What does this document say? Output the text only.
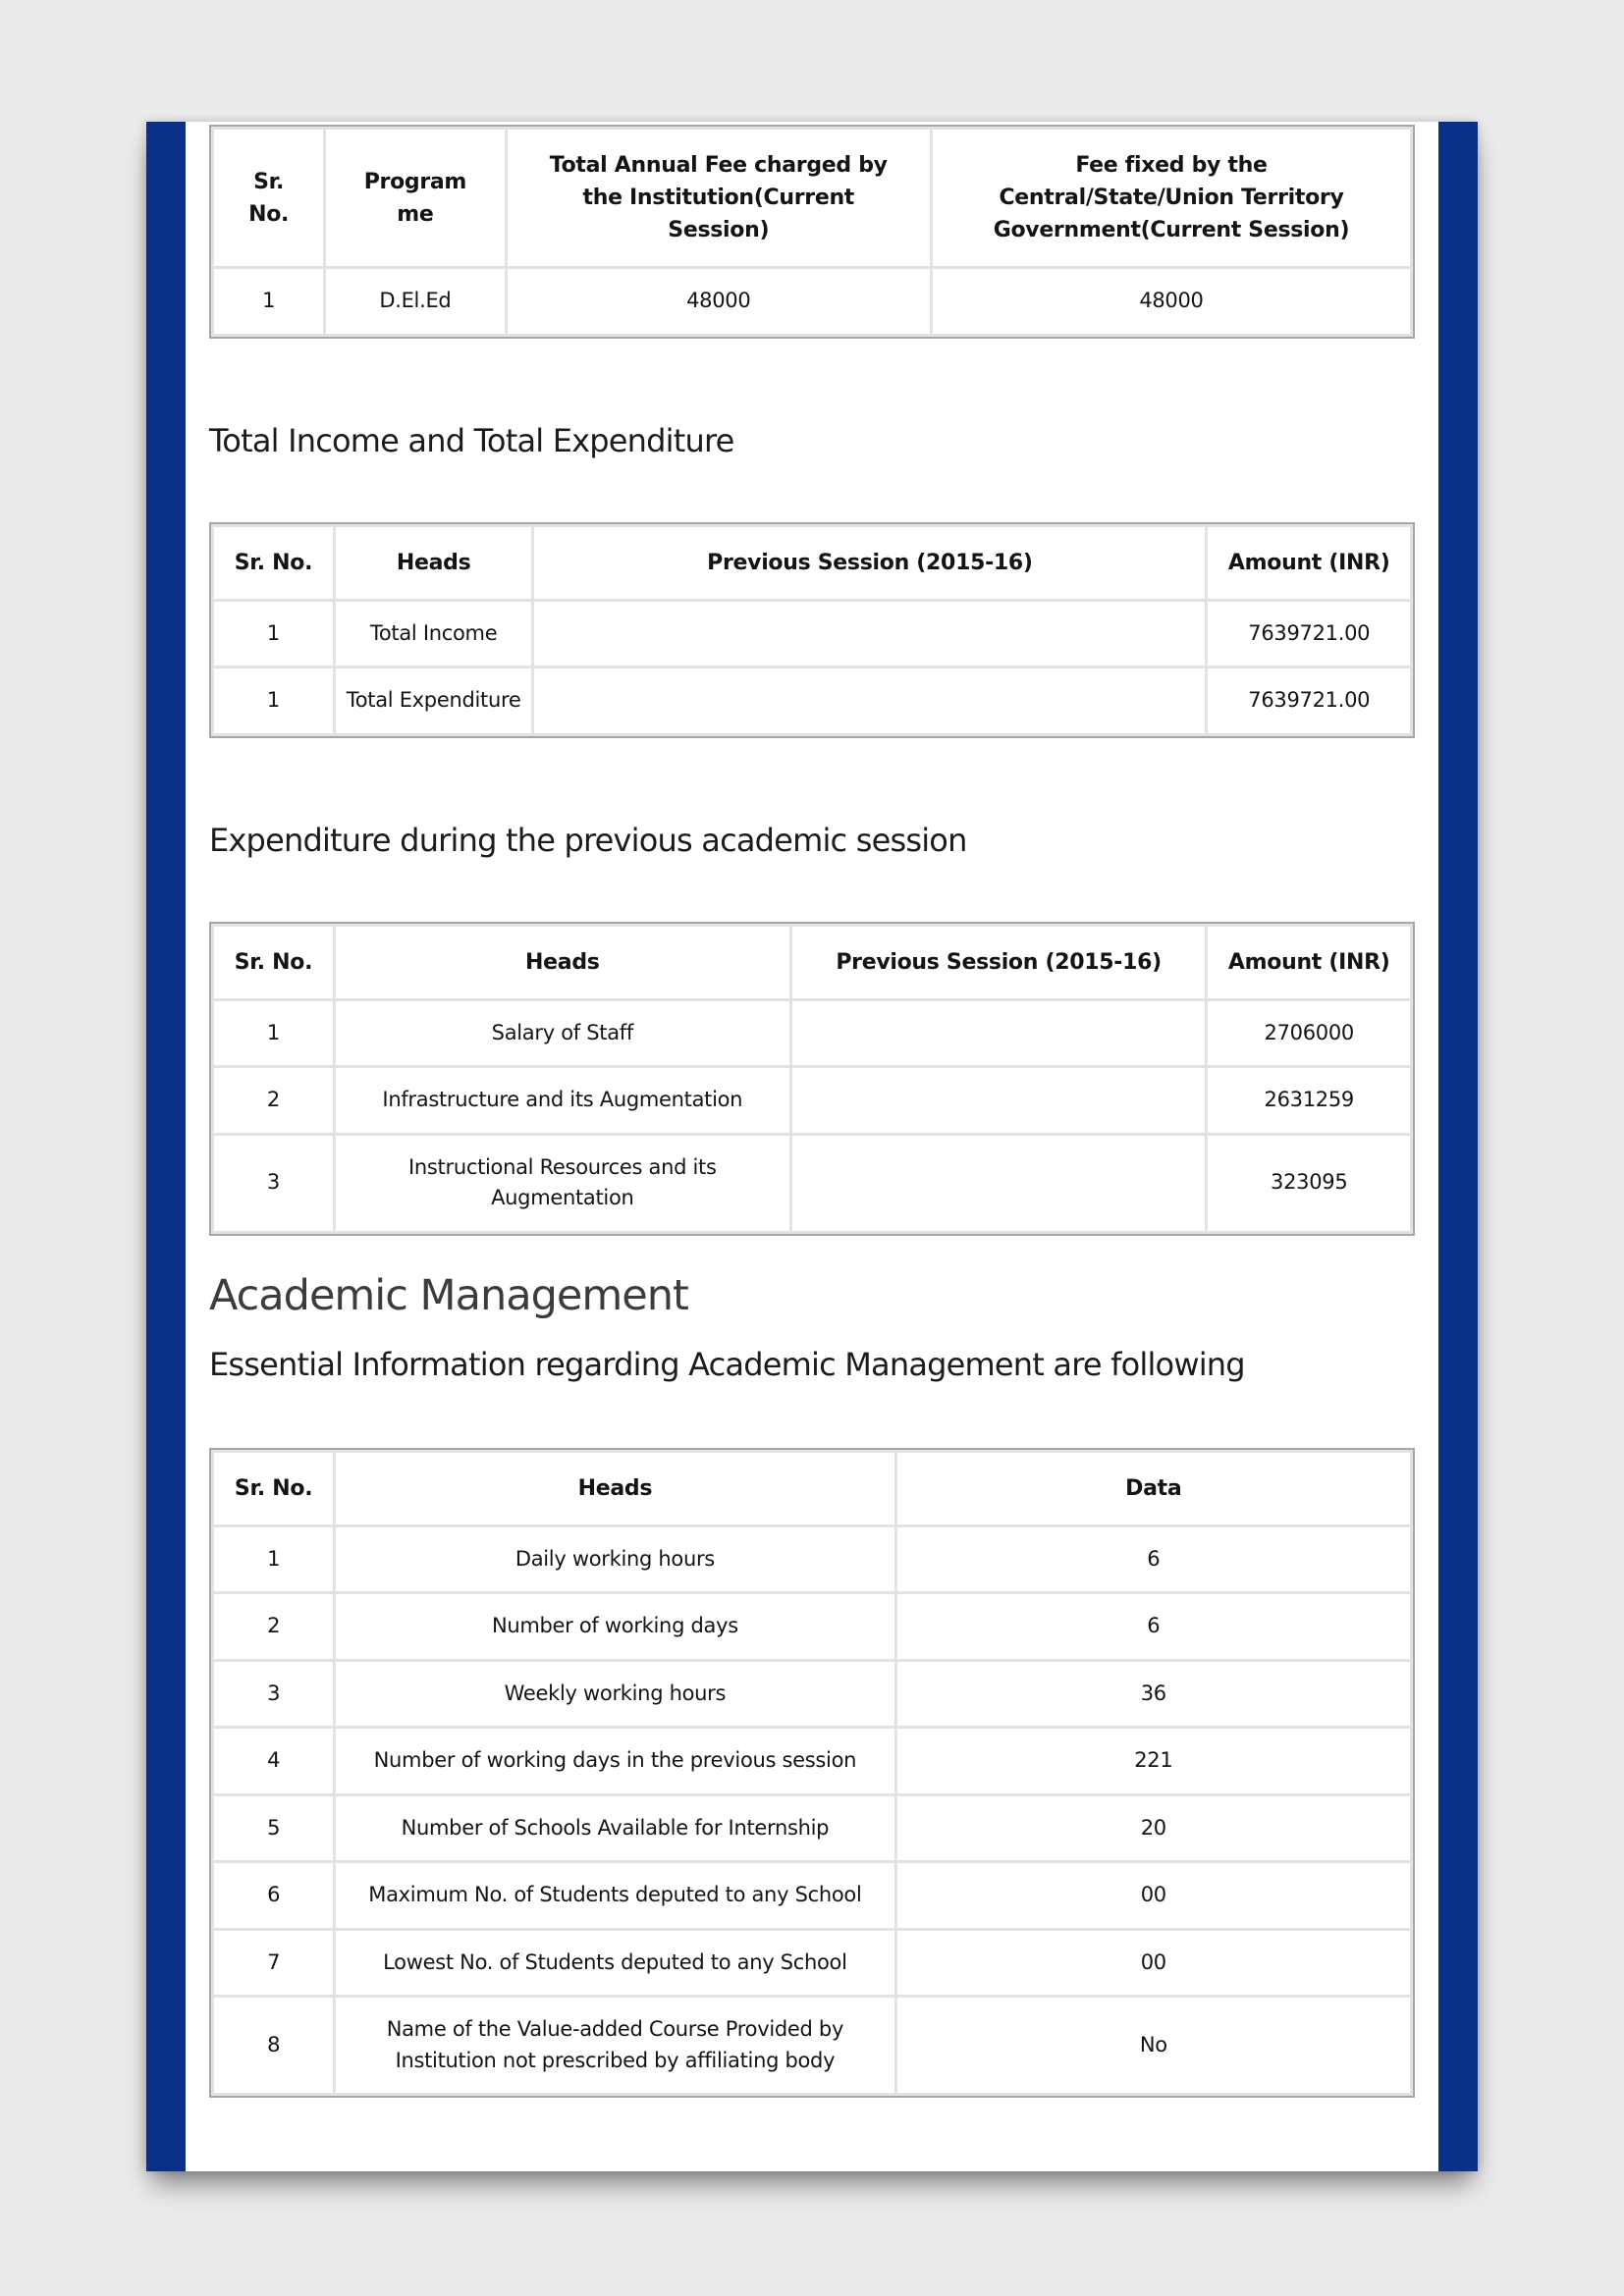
Sr. No.	Programme	Total Annual Fee charged by the Institution(Current Session)	Fee fixed by the Central/State/Union Territory Government(Current Session)
1	D.El.Ed	48000	48000
Total Income and Total Expenditure
Sr. No.	Heads	Previous Session (2015-16)	Amount (INR)
1	Total Income		7639721.00
1	Total Expenditure		7639721.00
Expenditure during the previous academic session
Sr. No.	Heads	Previous Session (2015-16)	Amount (INR)
1	Salary of Staff		2706000
2	Infrastructure and its Augmentation		2631259
3	Instructional Resources and its Augmentation		323095
Academic Management

Essential Information regarding Academic Management are following

Sr. No.	Heads	Data
1	Daily working hours	6
2	Number of working days	6
3	Weekly working hours	36
4	Number of working days in the previous session	221
5	Number of Schools Available for Internship	20
6	Maximum No. of Students deputed to any School	00
7	Lowest No. of Students deputed to any School	00
8	Name of the Value-added Course Provided by Institution not prescribed by affiliating body	No
